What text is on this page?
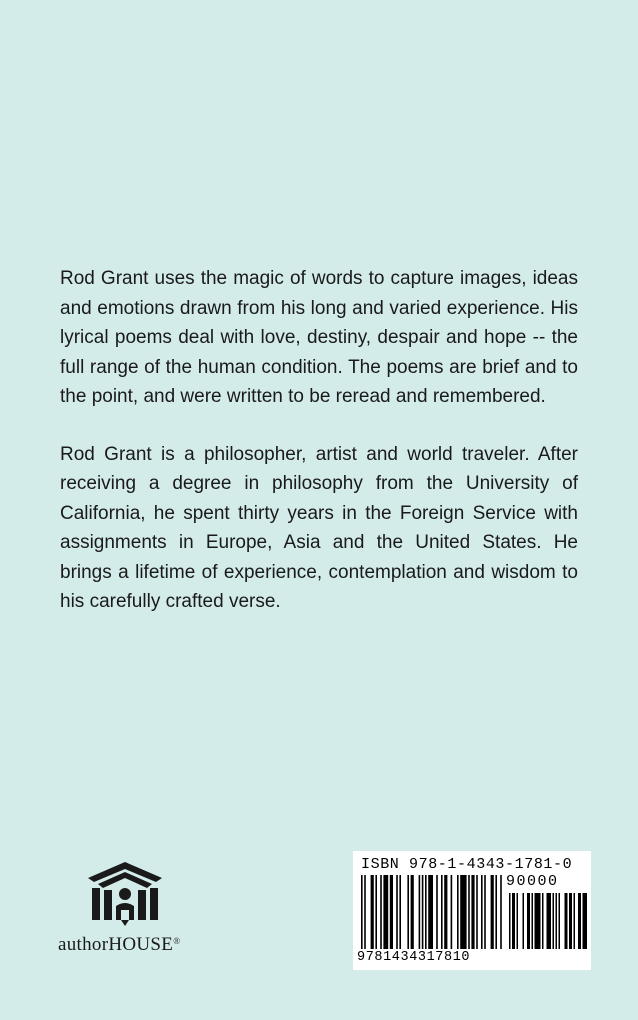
Rod Grant uses the magic of words to capture images, ideas and emotions drawn from his long and varied experience. His lyrical poems deal with love, destiny, despair and hope -- the full range of the human condition. The poems are brief and to the point, and were written to be reread and remembered.

Rod Grant is a philosopher, artist and world traveler. After receiving a degree in philosophy from the University of California, he spent thirty years in the Foreign Service with assignments in Europe, Asia and the United States. He brings a lifetime of experience, contemplation and wisdom to his carefully crafted verse.

authorHOUSE®
ISBN 978-1-4343-1781-0
90000
9781434317810
